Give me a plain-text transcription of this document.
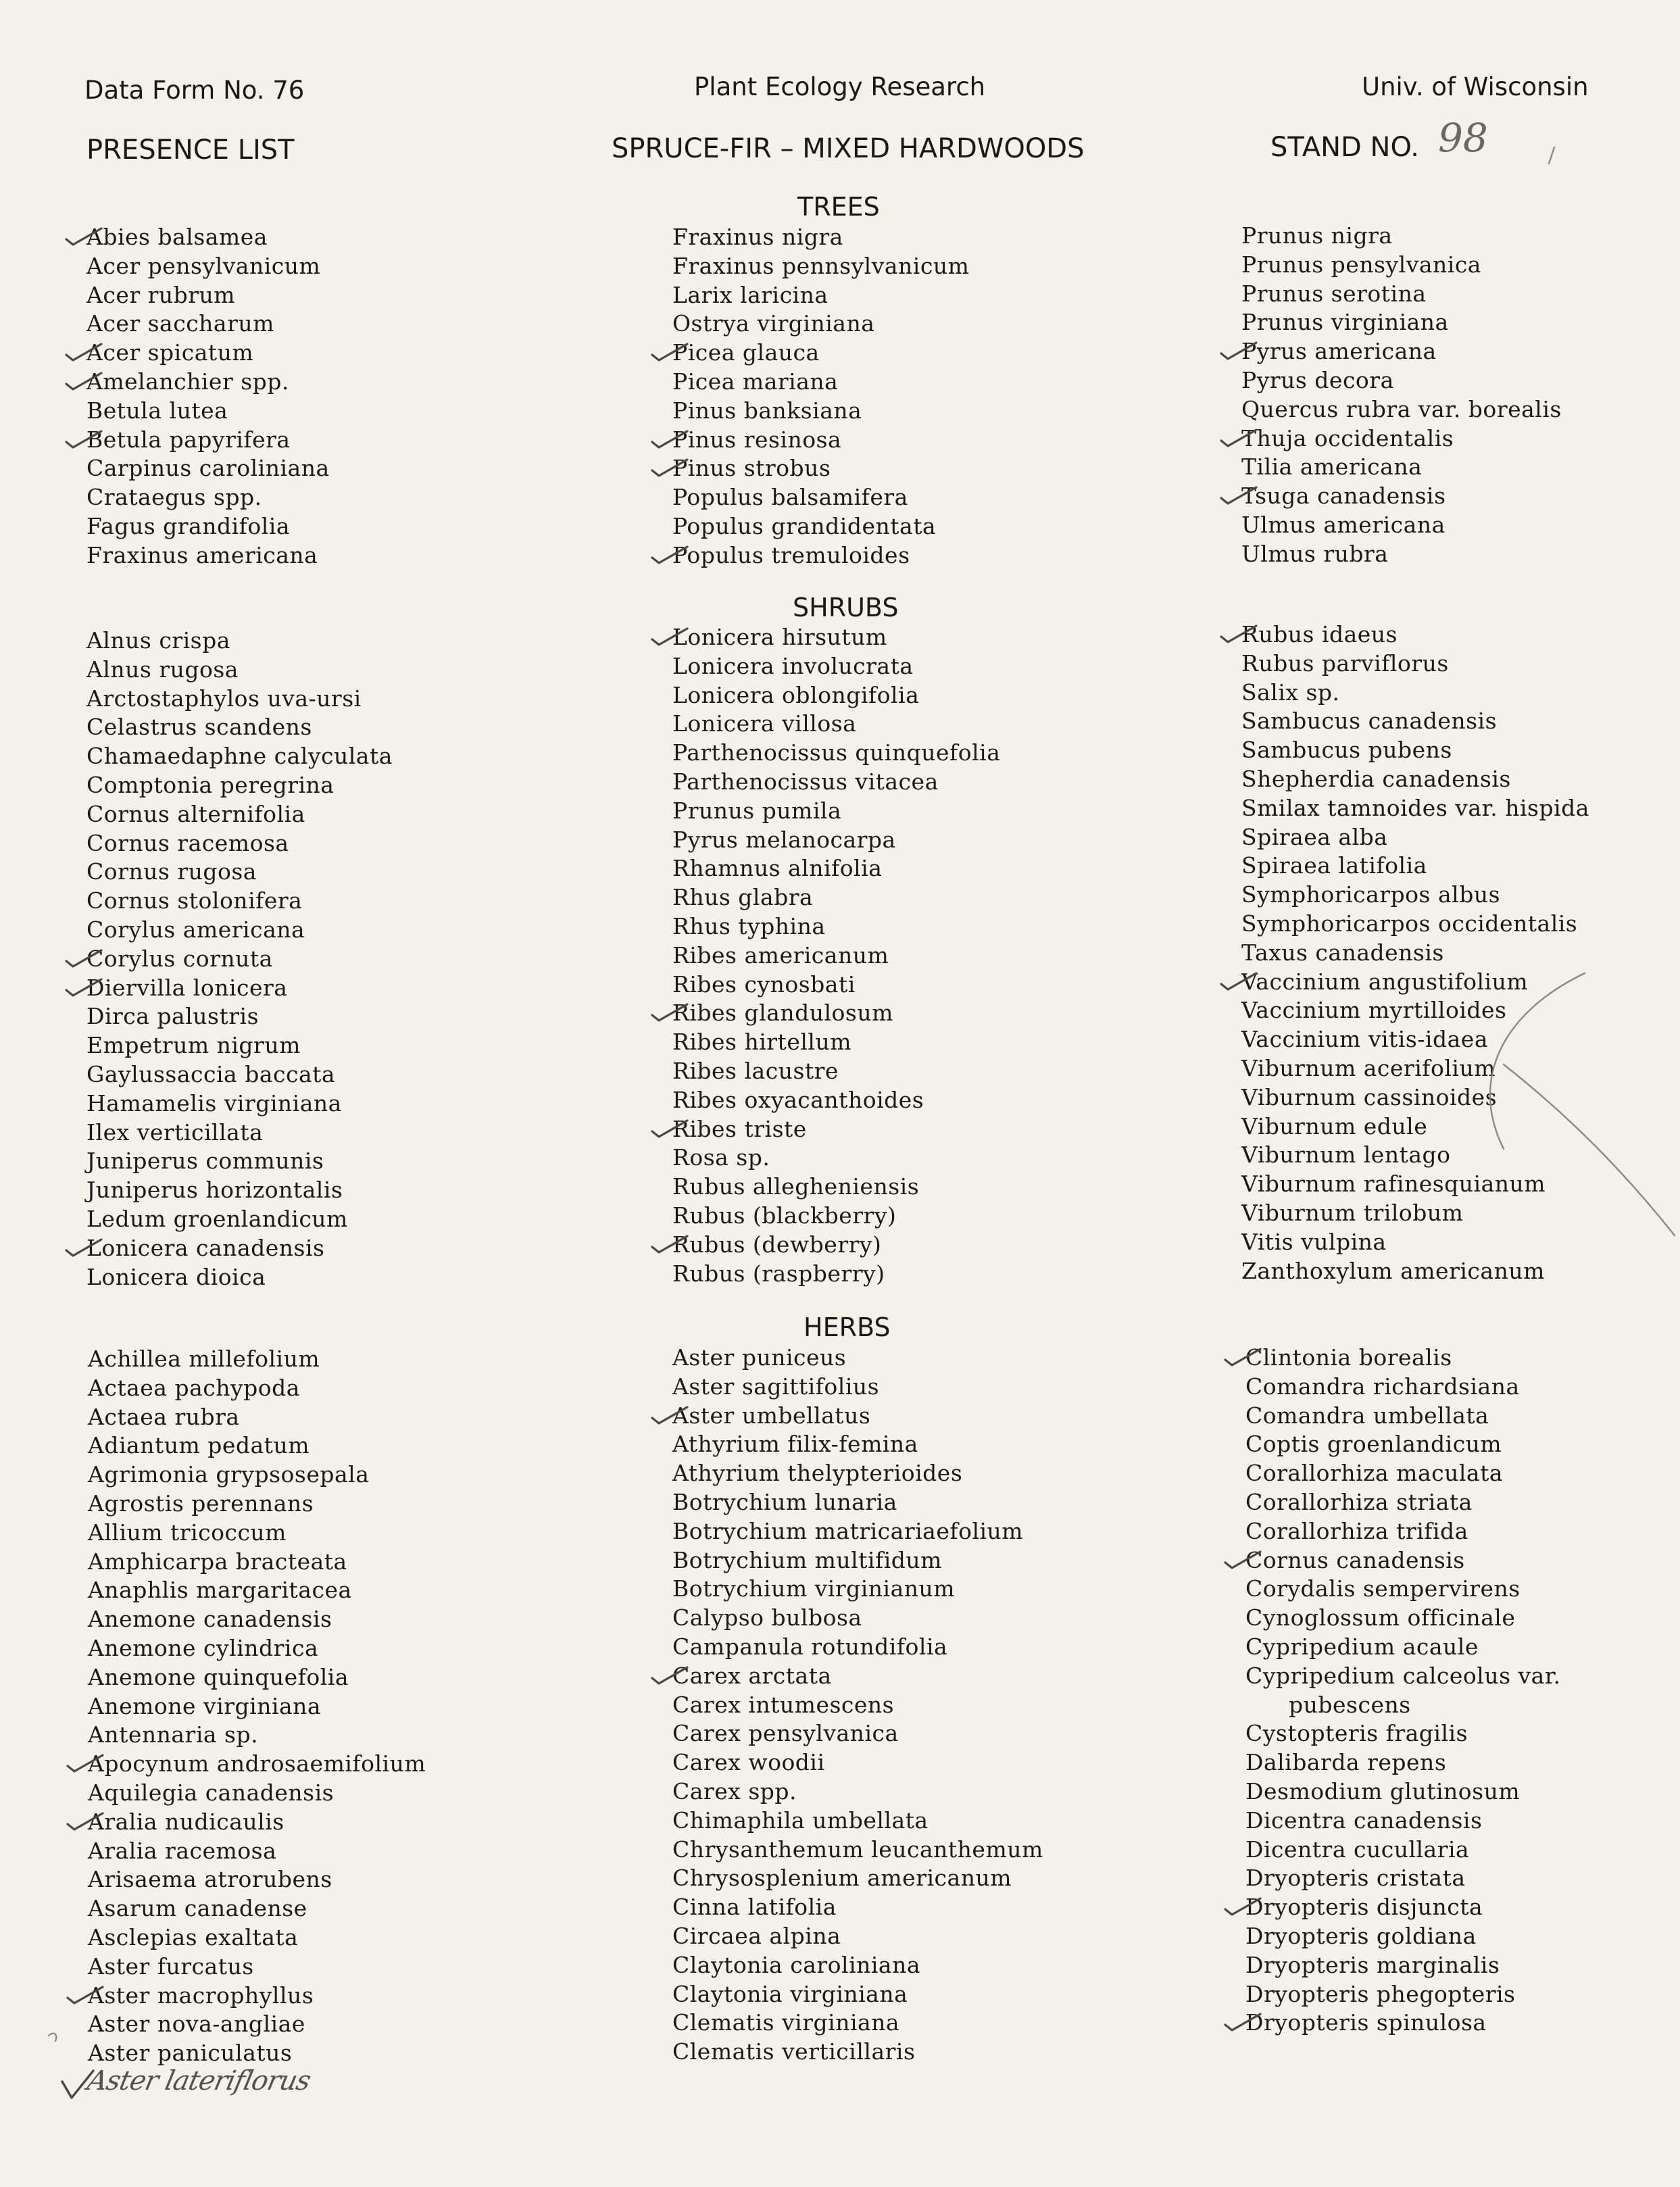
Data Form No. 76	Plant Ecology Research	Univ. of Wisconsin
PRESENCE LIST	SPRUCE-FIR – MIXED HARDWOODS	STAND NO. 98
TREES
SHRUBS
HERBS
Abies balsamea
Acer pensylvanicum
Acer rubrum
Acer saccharum
Acer spicatum
Amelanchier spp.
Betula lutea
Betula papyrifera
Carpinus caroliniana
Crataegus spp.
Fagus grandifolia
Fraxinus americana
Fraxinus nigra
Fraxinus pennsylvanicum
Larix laricina
Ostrya virginiana
Picea glauca
Picea mariana
Pinus banksiana
Pinus resinosa
Pinus strobus
Populus balsamifera
Populus grandidentata
Populus tremuloides
Prunus nigra
Prunus pensylvanica
Prunus serotina
Prunus virginiana
Pyrus americana
Pyrus decora
Quercus rubra var. borealis
Thuja occidentalis
Tilia americana
Tsuga canadensis
Ulmus americana
Ulmus rubra
Alnus crispa
Alnus rugosa
Arctostaphylos uva-ursi
Celastrus scandens
Chamaedaphne calyculata
Comptonia peregrina
Cornus alternifolia
Cornus racemosa
Cornus rugosa
Cornus stolonifera
Corylus americana
Corylus cornuta
Diervilla lonicera
Dirca palustris
Empetrum nigrum
Gaylussaccia baccata
Hamamelis virginiana
Ilex verticillata
Juniperus communis
Juniperus horizontalis
Ledum groenlandicum
Lonicera canadensis
Lonicera dioica
Lonicera hirsutum
Lonicera involucrata
Lonicera oblongifolia
Lonicera villosa
Parthenocissus quinquefolia
Parthenocissus vitacea
Prunus pumila
Pyrus melanocarpa
Rhamnus alnifolia
Rhus glabra
Rhus typhina
Ribes americanum
Ribes cynosbati
Ribes glandulosum
Ribes hirtellum
Ribes lacustre
Ribes oxyacanthoides
Ribes triste
Rosa sp.
Rubus allegheniensis
Rubus (blackberry)
Rubus (dewberry)
Rubus (raspberry)
Rubus idaeus
Rubus parviflorus
Salix sp.
Sambucus canadensis
Sambucus pubens
Shepherdia canadensis
Smilax tamnoides var. hispida
Spiraea alba
Spiraea latifolia
Symphoricarpos albus
Symphoricarpos occidentalis
Taxus canadensis
Vaccinium angustifolium
Vaccinium myrtilloides
Vaccinium vitis-idaea
Viburnum acerifolium
Viburnum cassinoides
Viburnum edule
Viburnum lentago
Viburnum rafinesquianum
Viburnum trilobum
Vitis vulpina
Zanthoxylum americanum
Achillea millefolium
Actaea pachypoda
Actaea rubra
Adiantum pedatum
Agrimonia grypsosepala
Agrostis perennans
Allium tricoccum
Amphicarpa bracteata
Anaphlis margaritacea
Anemone canadensis
Anemone cylindrica
Anemone quinquefolia
Anemone virginiana
Antennaria sp.
Apocynum androsaemifolium
Aquilegia canadensis
Aralia nudicaulis
Aralia racemosa
Arisaema atrorubens
Asarum canadense
Asclepias exaltata
Aster furcatus
Aster macrophyllus
Aster nova-angliae
Aster paniculatus
Aster puniceus
Aster sagittifolius
Aster umbellatus
Athyrium filix-femina
Athyrium thelypterioides
Botrychium lunaria
Botrychium matricariaefolium
Botrychium multifidum
Botrychium virginianum
Calypso bulbosa
Campanula rotundifolia
Carex arctata
Carex intumescens
Carex pensylvanica
Carex woodii
Carex spp.
Chimaphila umbellata
Chrysanthemum leucanthemum
Chrysosplenium americanum
Cinna latifolia
Circaea alpina
Claytonia caroliniana
Claytonia virginiana
Clematis virginiana
Clematis verticillaris
Clintonia borealis
Comandra richardsiana
Comandra umbellata
Coptis groenlandicum
Corallorhiza maculata
Corallorhiza striata
Corallorhiza trifida
Cornus canadensis
Corydalis sempervirens
Cynoglossum officinale
Cypripedium acaule
Cypripedium calceolus var.
pubescens
Cystopteris fragilis
Dalibarda repens
Desmodium glutinosum
Dicentra canadensis
Dicentra cucullaria
Dryopteris cristata
Dryopteris disjuncta
Dryopteris goldiana
Dryopteris marginalis
Dryopteris phegopteris
Dryopteris spinulosa
Aster lateriflorus
